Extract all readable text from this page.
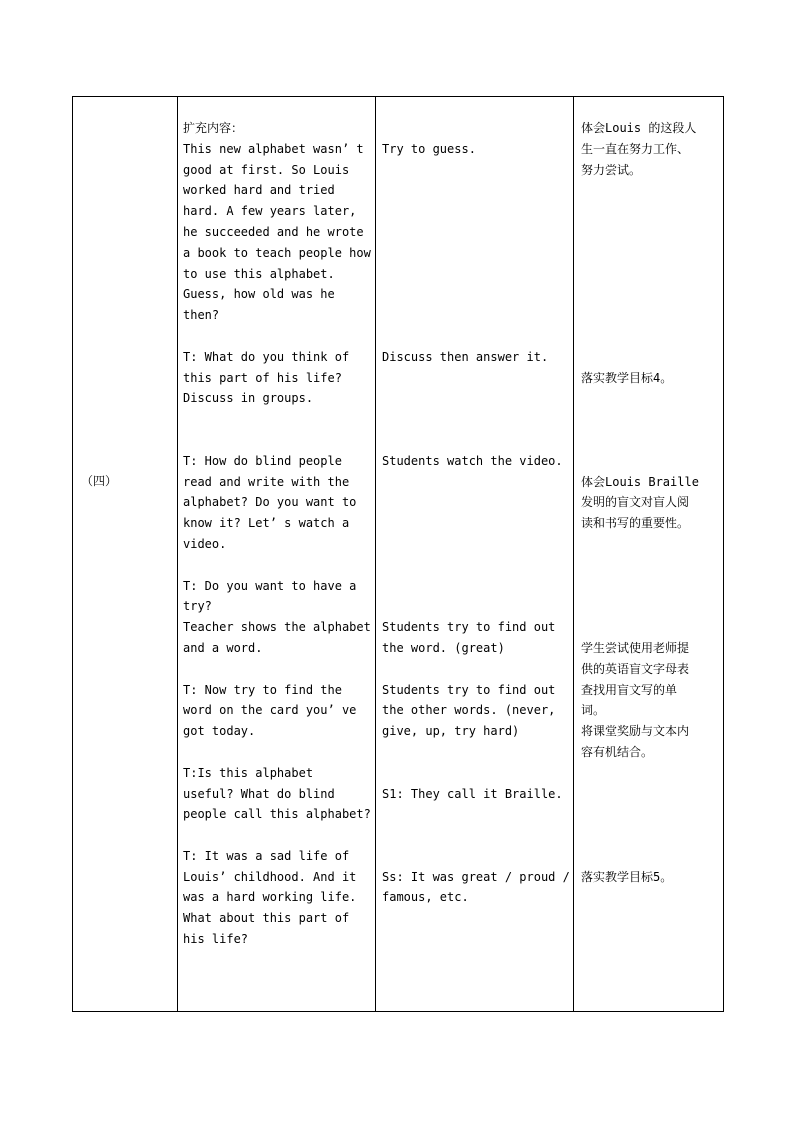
（四）
扩充内容：
This new alphabet wasn’ t
good at first. So Louis
worked hard and tried
hard. A few years later,
he succeeded and he wrote
a book to teach people how
to use this alphabet.
Guess, how old was he
then?
T: What do you think of
this part of his life?
Discuss in groups.
T: How do blind people
read and write with the
alphabet? Do you want to
know it? Let’ s watch a
video.
T: Do you want to have a
try?
Teacher shows the alphabet
and a word.
T: Now try to find the
word on the card you’ ve
got today.
T:Is this alphabet
useful? What do blind
people call this alphabet?
T: It was a sad life of
Louis’ childhood. And it
was a hard working life.
What about this part of
his life?
Try to guess.
Discuss then answer it.
Students watch the video.
Students try to find out
the word. (great)
Students try to find out
the other words. (never,
give, up, try hard)
S1: They call it Braille.
Ss: It was great / proud /
famous, etc.
体会Louis 的这段人
生一直在努力工作、
努力尝试。
落实教学目标4。
体会Louis Braille
发明的盲文对盲人阅
读和书写的重要性。
学生尝试使用老师提
供的英语盲文字母表
查找用盲文写的单
词。
将课堂奖励与文本内
容有机结合。
落实教学目标5。
